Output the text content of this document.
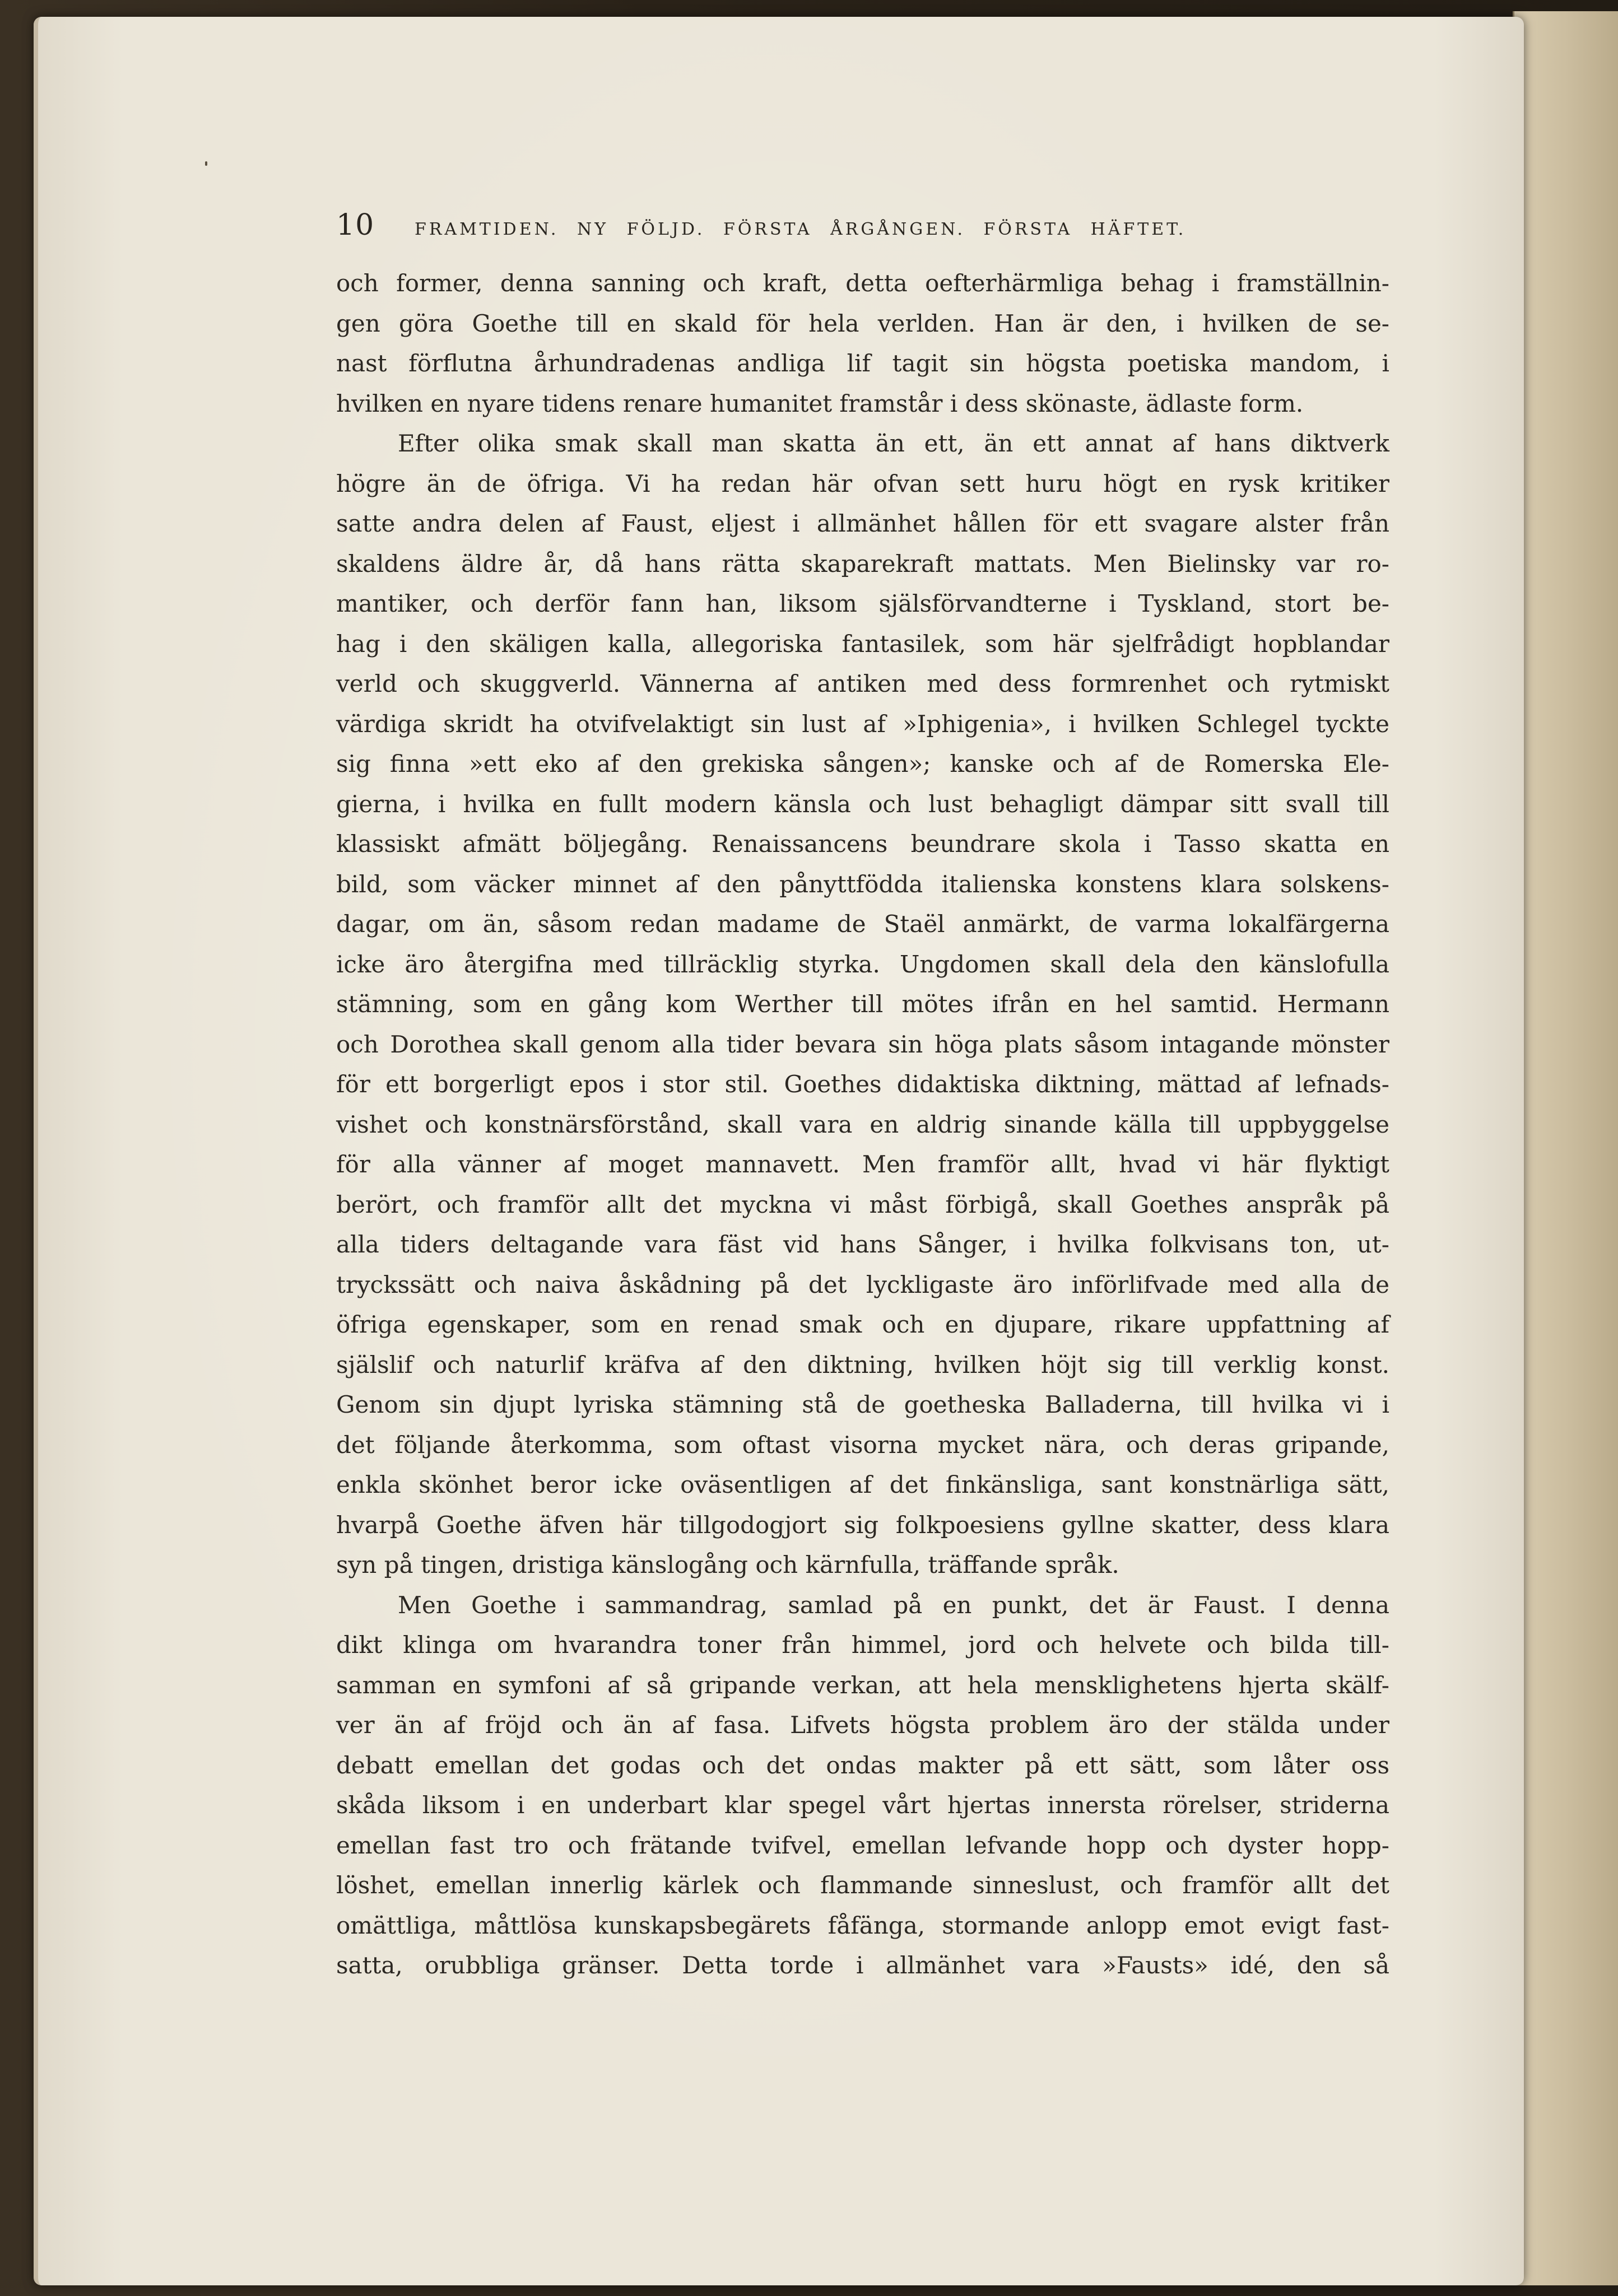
10	FRAMTIDEN. NY FÖLJD. FÖRSTA ÅRGÅNGEN. FÖRSTA HÄFTET.
och former, denna sanning och kraft, detta oefterhärmliga behag i framställnin-
gen göra Goethe till en skald för hela verlden. Han är den, i hvilken de se-
nast förflutna århundradenas andliga lif tagit sin högsta poetiska mandom, i
hvilken en nyare tidens renare humanitet framstår i dess skönaste, ädlaste form.
Efter olika smak skall man skatta än ett, än ett annat af hans diktverk
högre än de öfriga. Vi ha redan här ofvan sett huru högt en rysk kritiker
satte andra delen af Faust, eljest i allmänhet hållen för ett svagare alster från
skaldens äldre år, då hans rätta skaparekraft mattats. Men Bielinsky var ro-
mantiker, och derför fann han, liksom själsförvandterne i Tyskland, stort be-
hag i den skäligen kalla, allegoriska fantasilek, som här sjelfrådigt hopblandar
verld och skuggverld. Vännerna af antiken med dess formrenhet och rytmiskt
värdiga skridt ha otvifvelaktigt sin lust af »Iphigenia», i hvilken Schlegel tyckte
sig finna »ett eko af den grekiska sången»; kanske och af de Romerska Ele-
gierna, i hvilka en fullt modern känsla och lust behagligt dämpar sitt svall till
klassiskt afmätt böljegång. Renaissancens beundrare skola i Tasso skatta en
bild, som väcker minnet af den pånyttfödda italienska konstens klara solskens-
dagar, om än, såsom redan madame de Staël anmärkt, de varma lokalfärgerna
icke äro återgifna med tillräcklig styrka. Ungdomen skall dela den känslofulla
stämning, som en gång kom Werther till mötes ifrån en hel samtid. Hermann
och Dorothea skall genom alla tider bevara sin höga plats såsom intagande mönster
för ett borgerligt epos i stor stil. Goethes didaktiska diktning, mättad af lefnads-
vishet och konstnärsförstånd, skall vara en aldrig sinande källa till uppbyggelse
för alla vänner af moget mannavett. Men framför allt, hvad vi här flyktigt
berört, och framför allt det myckna vi måst förbigå, skall Goethes anspråk på
alla tiders deltagande vara fäst vid hans Sånger, i hvilka folkvisans ton, ut-
tryckssätt och naiva åskådning på det lyckligaste äro införlifvade med alla de
öfriga egenskaper, som en renad smak och en djupare, rikare uppfattning af
själslif och naturlif kräfva af den diktning, hvilken höjt sig till verklig konst.
Genom sin djupt lyriska stämning stå de goetheska Balladerna, till hvilka vi i
det följande återkomma, som oftast visorna mycket nära, och deras gripande,
enkla skönhet beror icke oväsentligen af det finkänsliga, sant konstnärliga sätt,
hvarpå Goethe äfven här tillgodogjort sig folkpoesiens gyllne skatter, dess klara
syn på tingen, dristiga känslogång och kärnfulla, träffande språk.
Men Goethe i sammandrag, samlad på en punkt, det är Faust. I denna
dikt klinga om hvarandra toner från himmel, jord och helvete och bilda till-
samman en symfoni af så gripande verkan, att hela mensklighetens hjerta skälf-
ver än af fröjd och än af fasa. Lifvets högsta problem äro der stälda under
debatt emellan det godas och det ondas makter på ett sätt, som låter oss
skåda liksom i en underbart klar spegel vårt hjertas innersta rörelser, striderna
emellan fast tro och frätande tvifvel, emellan lefvande hopp och dyster hopp-
löshet, emellan innerlig kärlek och flammande sinneslust, och framför allt det
omättliga, måttlösa kunskapsbegärets fåfänga, stormande anlopp emot evigt fast-
satta, orubbliga gränser. Detta torde i allmänhet vara »Fausts» idé, den så
